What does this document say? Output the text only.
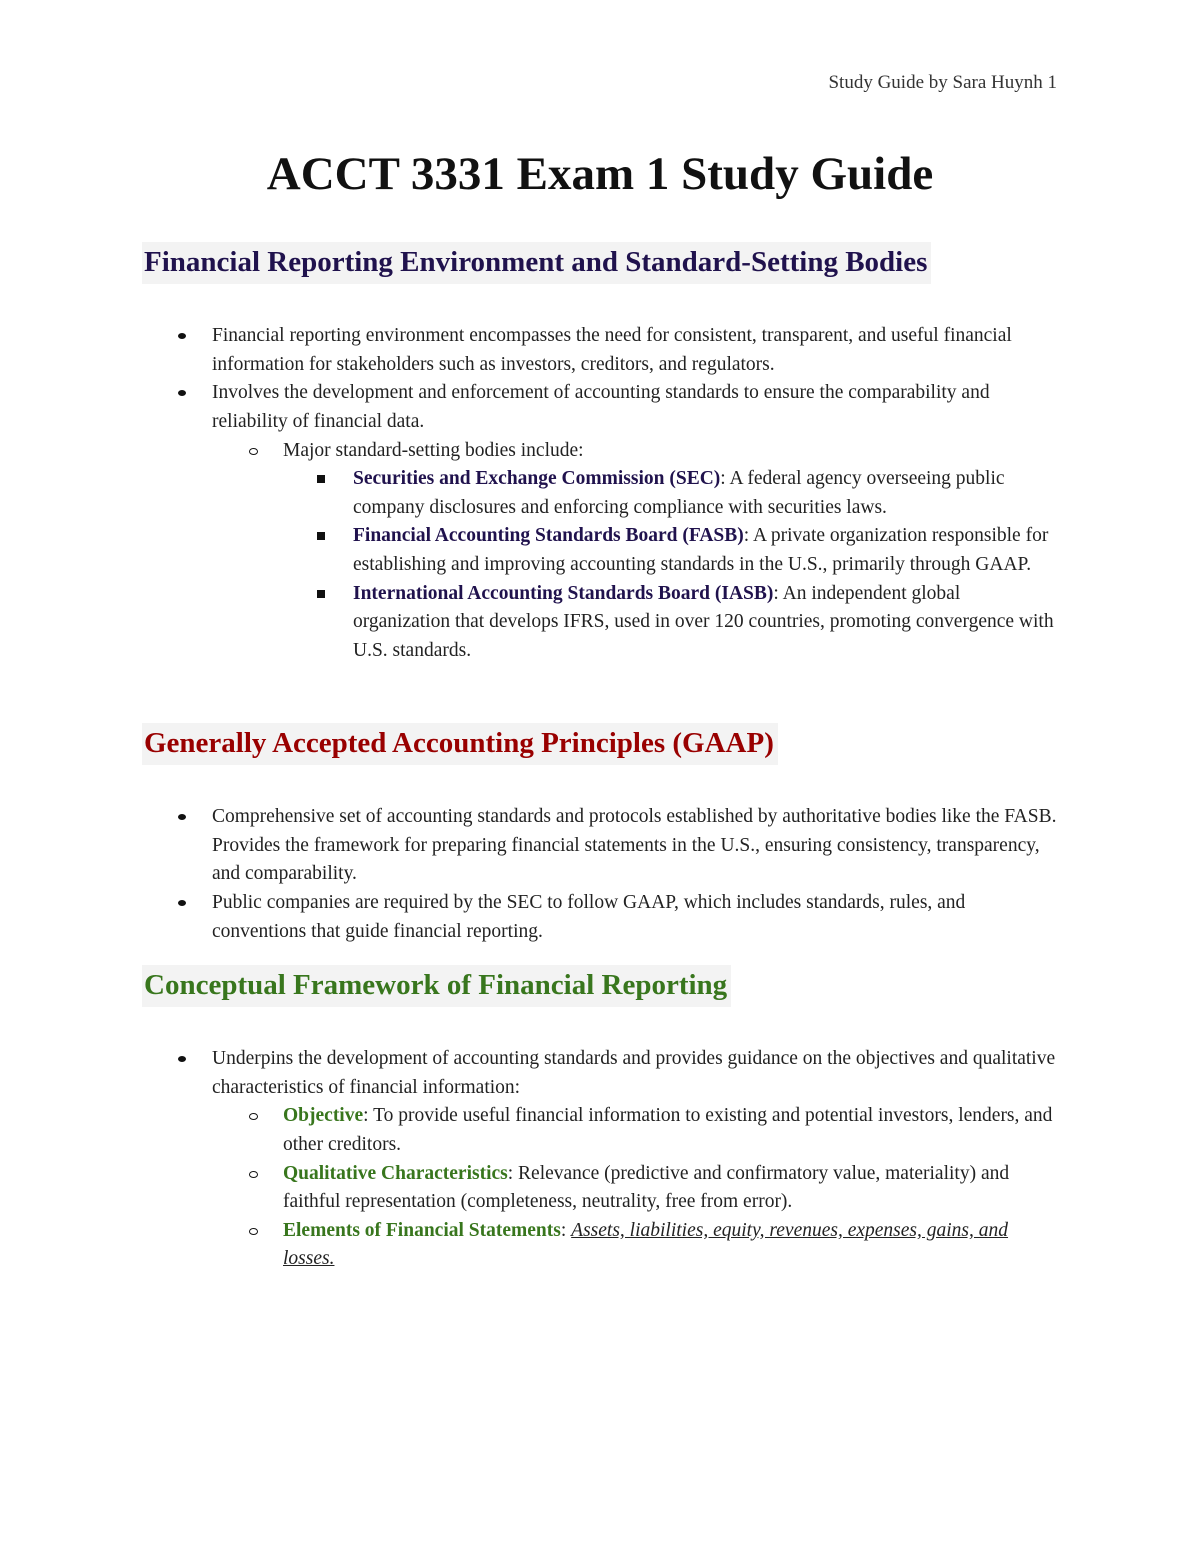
Study Guide by Sara Huynh 1
ACCT 3331 Exam 1 Study Guide
Financial Reporting Environment and Standard-Setting Bodies
Financial reporting environment encompasses the need for consistent, transparent, and useful financial information for stakeholders such as investors, creditors, and regulators.
Involves the development and enforcement of accounting standards to ensure the comparability and reliability of financial data.
Major standard-setting bodies include:
Securities and Exchange Commission (SEC): A federal agency overseeing public company disclosures and enforcing compliance with securities laws.
Financial Accounting Standards Board (FASB): A private organization responsible for establishing and improving accounting standards in the U.S., primarily through GAAP.
International Accounting Standards Board (IASB): An independent global organization that develops IFRS, used in over 120 countries, promoting convergence with U.S. standards.
Generally Accepted Accounting Principles (GAAP)
Comprehensive set of accounting standards and protocols established by authoritative bodies like the FASB. Provides the framework for preparing financial statements in the U.S., ensuring consistency, transparency, and comparability.
Public companies are required by the SEC to follow GAAP, which includes standards, rules, and conventions that guide financial reporting.
Conceptual Framework of Financial Reporting
Underpins the development of accounting standards and provides guidance on the objectives and qualitative characteristics of financial information:
Objective: To provide useful financial information to existing and potential investors, lenders, and other creditors.
Qualitative Characteristics: Relevance (predictive and confirmatory value, materiality) and faithful representation (completeness, neutrality, free from error).
Elements of Financial Statements: Assets, liabilities, equity, revenues, expenses, gains, and losses.
